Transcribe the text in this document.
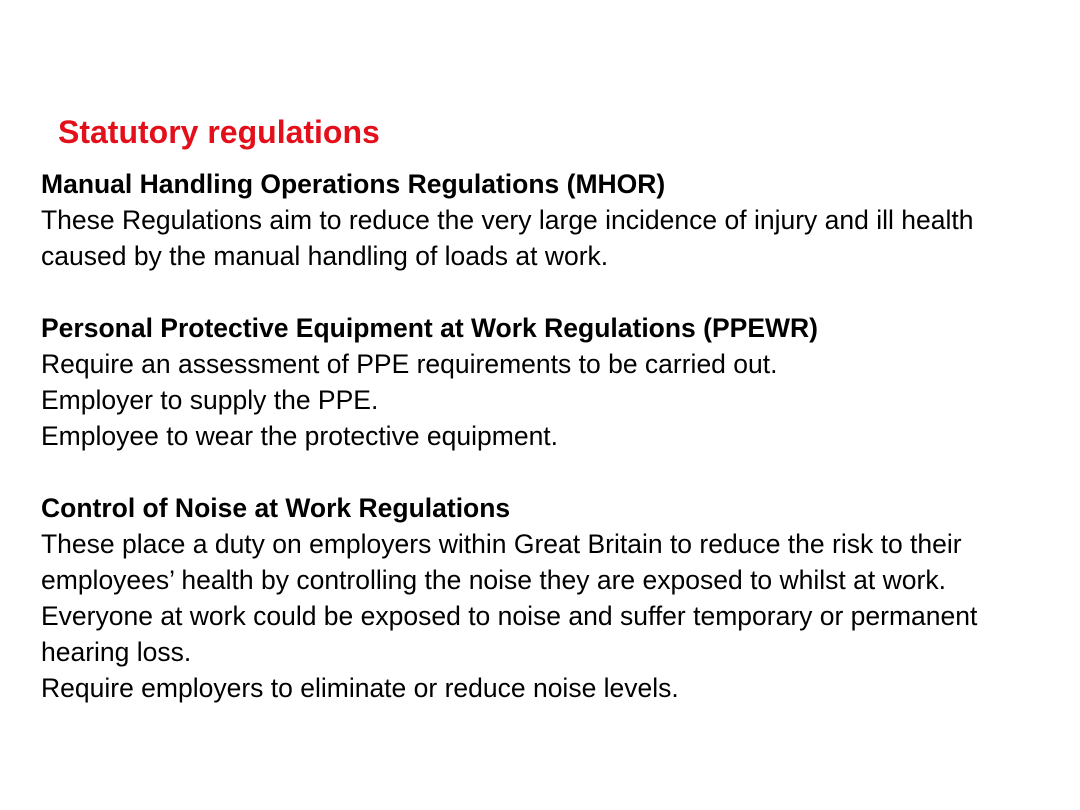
Statutory regulations
Manual Handling Operations Regulations (MHOR)
These Regulations aim to reduce the very large incidence of injury and ill health caused by the manual handling of loads at work.
Personal Protective Equipment at Work Regulations (PPEWR)
Require an assessment of PPE requirements to be carried out.
Employer to supply the PPE.
Employee to wear the protective equipment.
Control of Noise at Work Regulations
These place a duty on employers within Great Britain to reduce the risk to their employees’ health by controlling the noise they are exposed to whilst at work.
Everyone at work could be exposed to noise and suffer temporary or permanent hearing loss.
Require employers to eliminate or reduce noise levels.
